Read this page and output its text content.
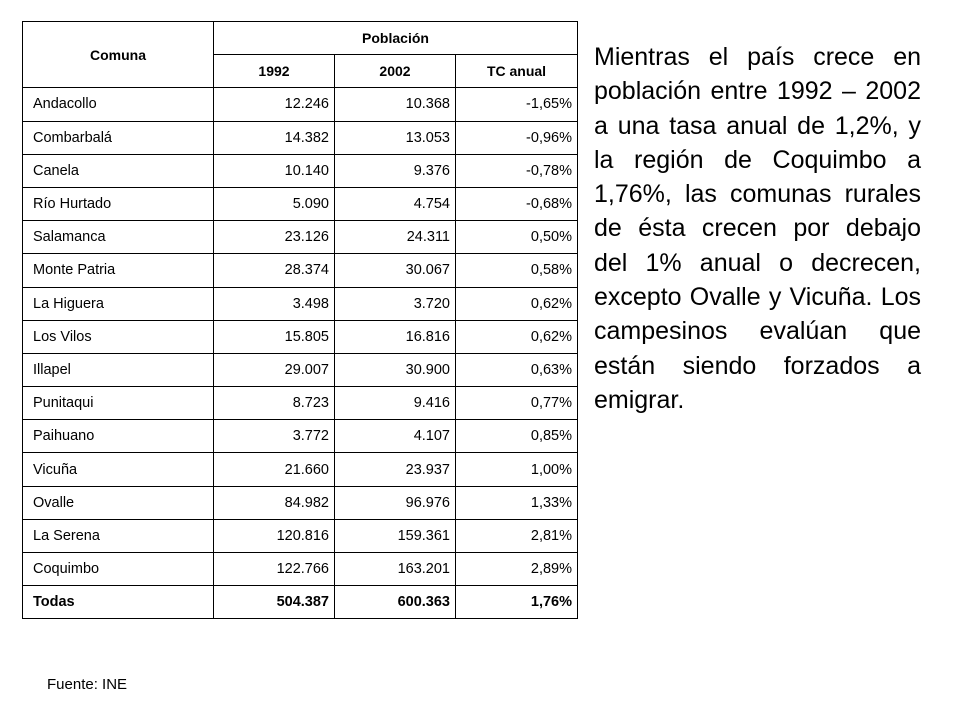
Comuna	Población		
	1992	2002	TC anual
Andacollo	12.246	10.368	-1,65%
Combarbalá	14.382	13.053	-0,96%
Canela	10.140	9.376	-0,78%
Río Hurtado	5.090	4.754	-0,68%
Salamanca	23.126	24.311	0,50%
Monte Patria	28.374	30.067	0,58%
La Higuera	3.498	3.720	0,62%
Los Vilos	15.805	16.816	0,62%
Illapel	29.007	30.900	0,63%
Punitaqui	8.723	9.416	0,77%
Paihuano	3.772	4.107	0,85%
Vicuña	21.660	23.937	1,00%
Ovalle	84.982	96.976	1,33%
La Serena	120.816	159.361	2,81%
Coquimbo	122.766	163.201	2,89%
Todas	504.387	600.363	1,76%
Fuente: INE
Mientras el país crece en población entre 1992 – 2002 a una tasa anual de 1,2%, y la región de Coquimbo a 1,76%, las comunas rurales de ésta crecen por debajo del 1% anual o decrecen, excepto Ovalle y Vicuña. Los campesinos evalúan que están siendo forzados a emigrar.
